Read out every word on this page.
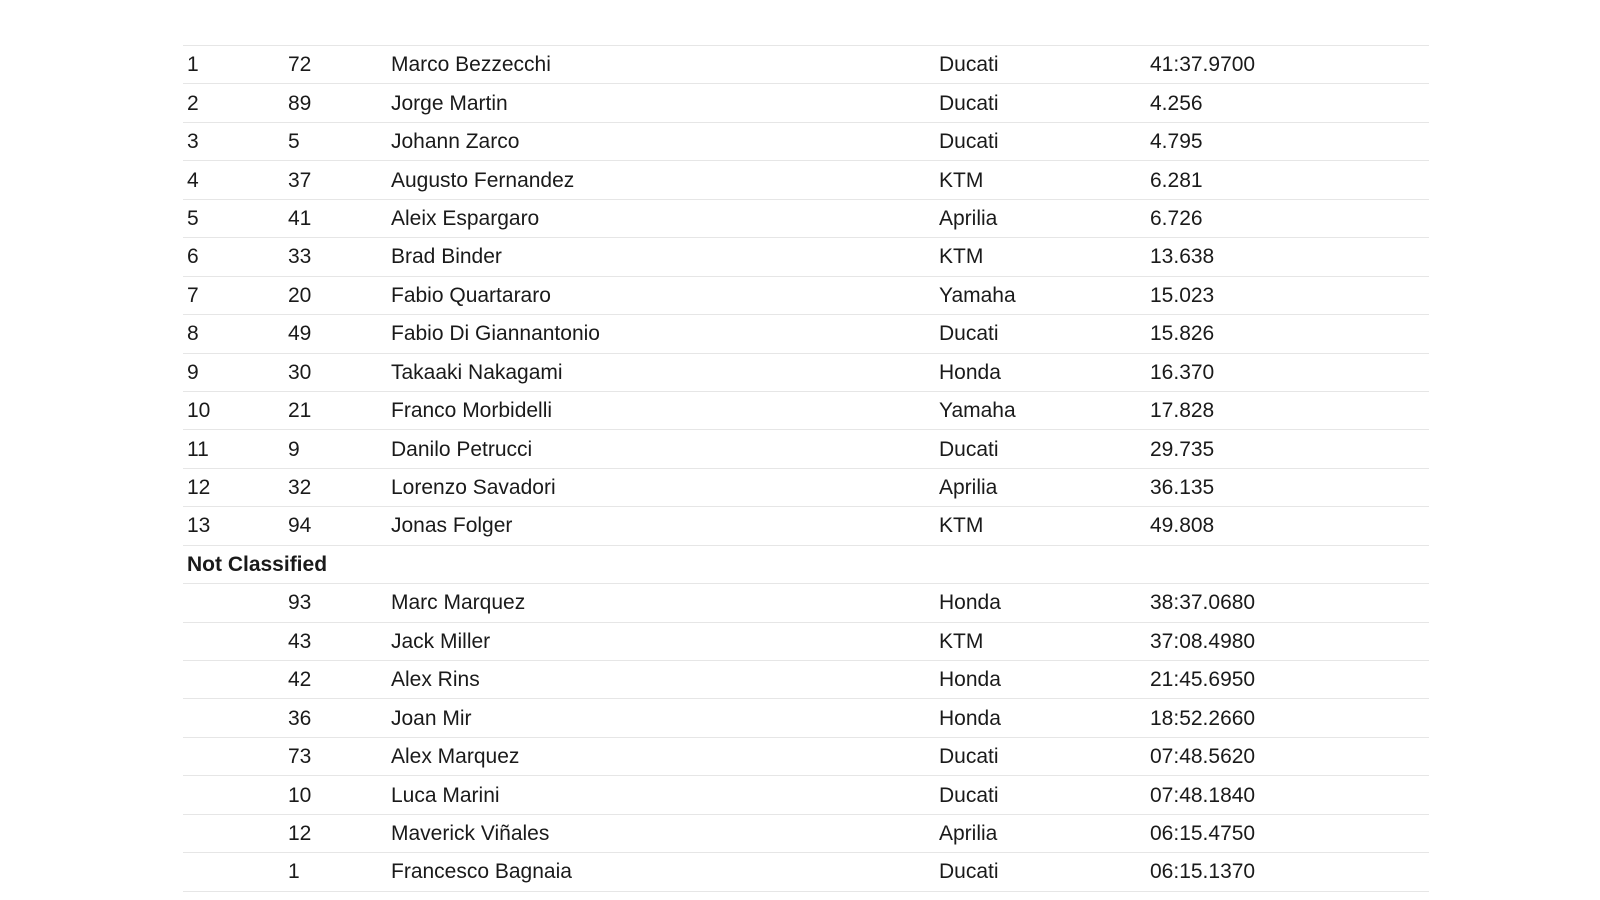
1	72	Marco Bezzecchi	Ducati	41:37.9700
2	89	Jorge Martin	Ducati	4.256
3	5	Johann Zarco	Ducati	4.795
4	37	Augusto Fernandez	KTM	6.281
5	41	Aleix Espargaro	Aprilia	6.726
6	33	Brad Binder	KTM	13.638
7	20	Fabio Quartararo	Yamaha	15.023
8	49	Fabio Di Giannantonio	Ducati	15.826
9	30	Takaaki Nakagami	Honda	16.370
10	21	Franco Morbidelli	Yamaha	17.828
11	9	Danilo Petrucci	Ducati	29.735
12	32	Lorenzo Savadori	Aprilia	36.135
13	94	Jonas Folger	KTM	49.808
Not Classified				
	93	Marc Marquez	Honda	38:37.0680
	43	Jack Miller	KTM	37:08.4980
	42	Alex Rins	Honda	21:45.6950
	36	Joan Mir	Honda	18:52.2660
	73	Alex Marquez	Ducati	07:48.5620
	10	Luca Marini	Ducati	07:48.1840
	12	Maverick Viñales	Aprilia	06:15.4750
	1	Francesco Bagnaia	Ducati	06:15.1370
